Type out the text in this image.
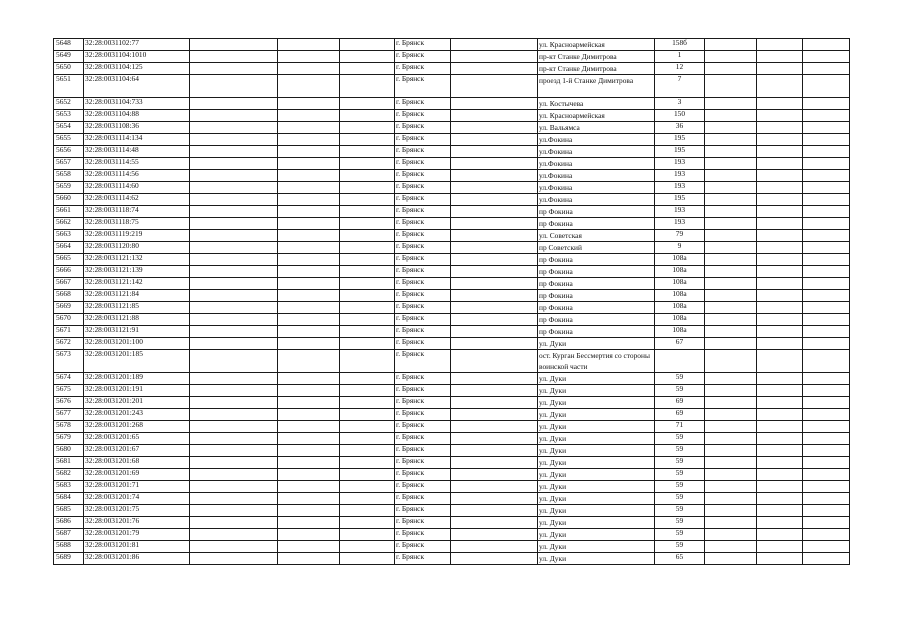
5648	32:28:0031102:77				г. Брянск		ул. Красноармейская	158б			
5649	32:28:0031104:1010				г. Брянск		пр-кт Станке Димитрова	1			
5650	32:28:0031104:125				г. Брянск		пр-кт Станке Димитрова	12			
5651	32:28:0031104:64				г. Брянск		проезд 1-й Станке Димитрова	7			
5652	32:28:0031104:733				г. Брянск		ул. Костычева	3			
5653	32:28:0031104:88				г. Брянск		ул. Красноармейская	150			
5654	32:28:0031108:36				г. Брянск		ул. Вальямса	36			
5655	32:28:0031114:134				г. Брянск		ул.Фокина	195			
5656	32:28:0031114:48				г. Брянск		ул.Фокина	195			
5657	32:28:0031114:55				г. Брянск		ул.Фокина	193			
5658	32:28:0031114:56				г. Брянск		ул.Фокина	193			
5659	32:28:0031114:60				г. Брянск		ул.Фокина	193			
5660	32:28:0031114:62				г. Брянск		ул.Фокина	195			
5661	32:28:0031118:74				г. Брянск		пр Фокина	193			
5662	32:28:0031118:75				г. Брянск		пр Фокина	193			
5663	32:28:0031119:219				г. Брянск		ул. Советская	79			
5664	32:28:0031120:80				г. Брянск		пр Советский	9			
5665	32:28:0031121:132				г. Брянск		пр Фокина	108а			
5666	32:28:0031121:139				г. Брянск		пр Фокина	108а			
5667	32:28:0031121:142				г. Брянск		пр Фокина	108а			
5668	32:28:0031121:84				г. Брянск		пр Фокина	108а			
5669	32:28:0031121:85				г. Брянск		пр Фокина	108а			
5670	32:28:0031121:88				г. Брянск		пр Фокина	108а			
5671	32:28:0031121:91				г. Брянск		пр Фокина	108а			
5672	32:28:0031201:100				г. Брянск		ул. Дуки	67			
5673	32:28:0031201:185				г. Брянск		ост. Курган Бессмертия со стороны воинской части				
5674	32:28:0031201:189				г. Брянск		ул. Дуки	59			
5675	32:28:0031201:191				г. Брянск		ул. Дуки	59			
5676	32:28:0031201:201				г. Брянск		ул. Дуки	69			
5677	32:28:0031201:243				г. Брянск		ул. Дуки	69			
5678	32:28:0031201:268				г. Брянск		ул. Дуки	71			
5679	32:28:0031201:65				г. Брянск		ул. Дуки	59			
5680	32:28:0031201:67				г. Брянск		ул. Дуки	59			
5681	32:28:0031201:68				г. Брянск		ул. Дуки	59			
5682	32:28:0031201:69				г. Брянск		ул. Дуки	59			
5683	32:28:0031201:71				г. Брянск		ул. Дуки	59			
5684	32:28:0031201:74				г. Брянск		ул. Дуки	59			
5685	32:28:0031201:75				г. Брянск		ул. Дуки	59			
5686	32:28:0031201:76				г. Брянск		ул. Дуки	59			
5687	32:28:0031201:79				г. Брянск		ул. Дуки	59			
5688	32:28:0031201:81				г. Брянск		ул. Дуки	59			
5689	32:28:0031201:86				г. Брянск		ул. Дуки	65			
